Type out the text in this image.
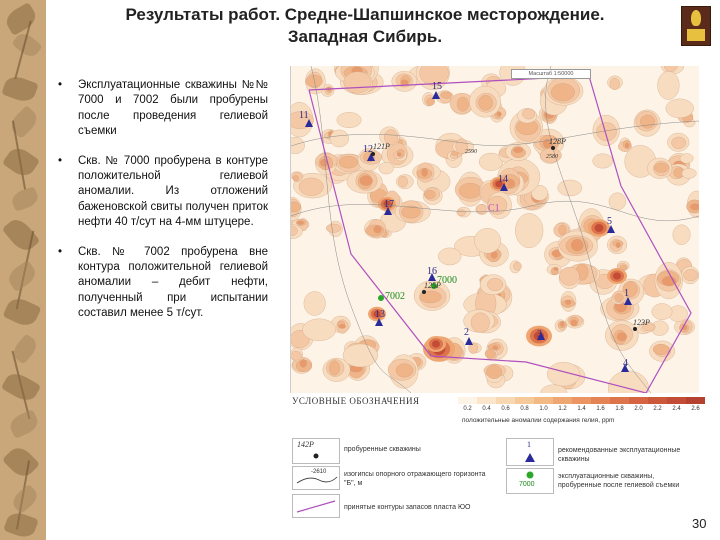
Результаты работ. Средне-Шапшинское месторождение.
Западная Сибирь.
• Эксплуатационные скважины №№ 7000 и 7002 были пробурены после проведения гелиевой съемки
• Скв. № 7000 пробурена в контуре положительной гелиевой аномалии. Из отложений баженовской свиты получен приток нефти 40 т/сут на 4-мм штуцере.
• Скв. № 7002 пробурена вне контура положительной гелиевой аномалии – дебит нефти, полученный при испытании составил менее 5 т/сут.
Масштаб 1:50000
15
11
12
14
17
16
13
2	3
4
5
1
121Р
128Р
125Р
123Р
7000
7002
С1
2590
2580
УСЛОВНЫЕ ОБОЗНАЧЕНИЯ
0.2	0.4	0.6	0.8	1.0	1.2	1.4	1.6	1.8	2.0	2.2	2.4	2.6
положительные аномалии содержания гелия, ppm
142Р
пробуренные скважины
1
рекомендованные эксплуатационные скважины
-2610	изогипсы опорного отражающего горизонта "Б", м	7000
эксплуатационные скважины, пробуренные после гелиевой съемки
принятые контуры запасов пласта ЮО
30
